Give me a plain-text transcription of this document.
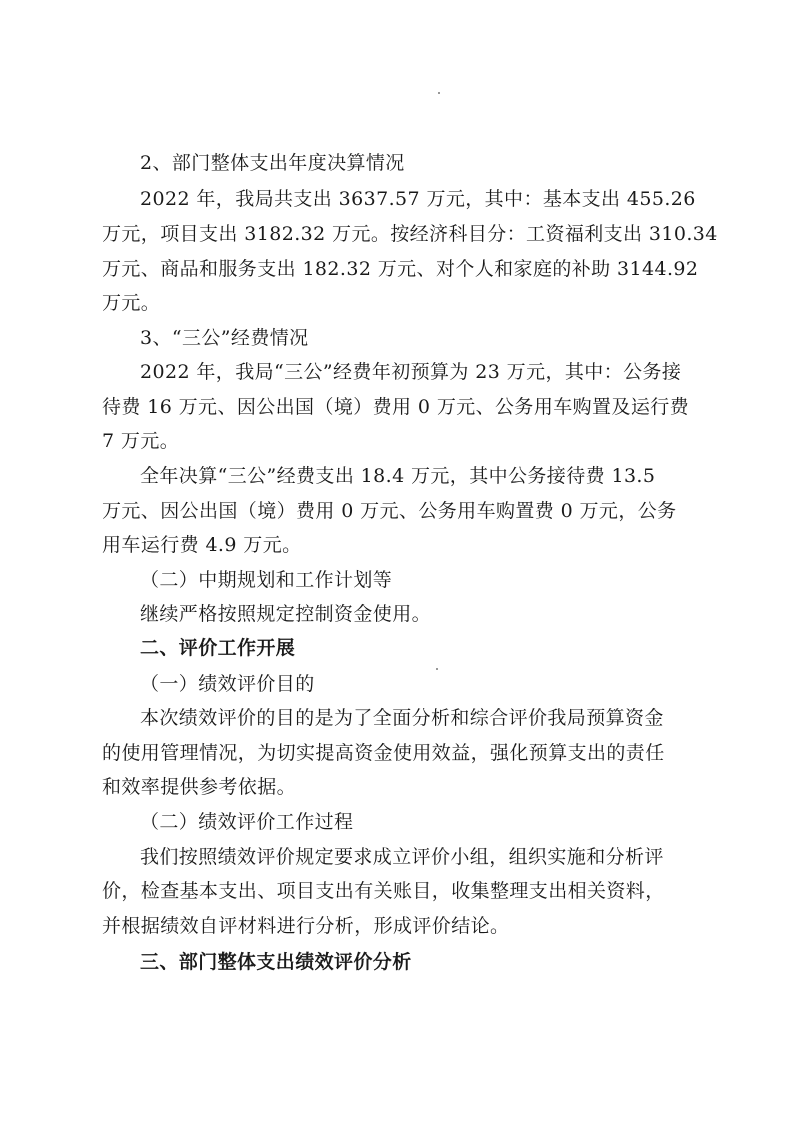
2、部门整体支出年度决算情况
2022 年，我局共支出 3637.57 万元，其中：基本支出 455.26
万元，项目支出 3182.32 万元。按经济科目分：工资福利支出 310.34
万元、商品和服务支出 182.32 万元、对个人和家庭的补助 3144.92
万元。
3、“三公”经费情况
2022 年，我局“三公”经费年初预算为 23 万元，其中：公务接
待费 16 万元、因公出国（境）费用 0 万元、公务用车购置及运行费
7 万元。
全年决算“三公”经费支出 18.4 万元，其中公务接待费 13.5
万元、因公出国（境）费用 0 万元、公务用车购置费 0 万元，公务
用车运行费 4.9 万元。
（二）中期规划和工作计划等
继续严格按照规定控制资金使用。
二、评价工作开展
（一）绩效评价目的
本次绩效评价的目的是为了全面分析和综合评价我局预算资金
的使用管理情况，为切实提高资金使用效益，强化预算支出的责任
和效率提供参考依据。
（二）绩效评价工作过程
我们按照绩效评价规定要求成立评价小组，组织实施和分析评
价，检查基本支出、项目支出有关账目，收集整理支出相关资料，
并根据绩效自评材料进行分析，形成评价结论。
三、部门整体支出绩效评价分析
